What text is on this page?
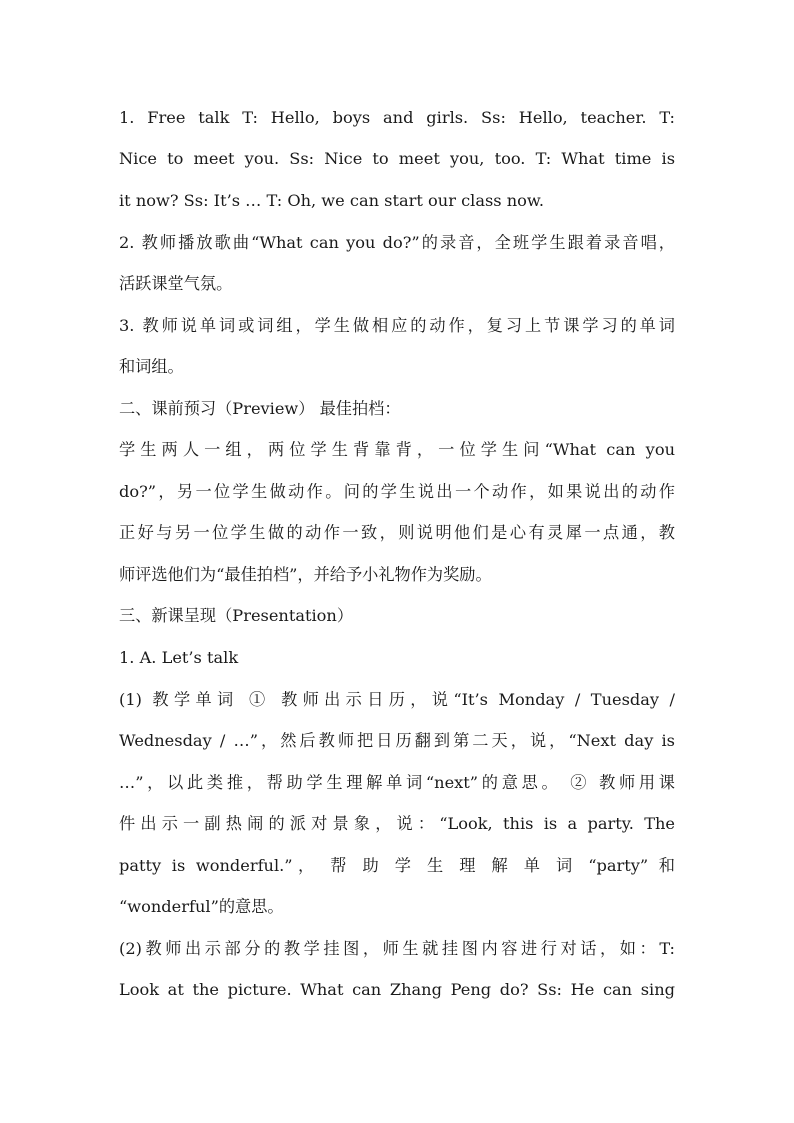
1. Free talk T: Hello, boys and girls. Ss: Hello, teacher. T:
Nice to meet you. Ss: Nice to meet you, too. T: What time is
it now? Ss: It’s … T: Oh, we can start our class now.
2. 教师播放歌曲“What can you do?”的录音，全班学生跟着录音唱，
活跃课堂气氛。
3. 教师说单词或词组，学生做相应的动作，复习上节课学习的单词
和词组。
二、课前预习（Preview） 最佳拍档：
学生两人一组，两位学生背靠背，一位学生问“What can you
do?”，另一位学生做动作。问的学生说出一个动作，如果说出的动作
正好与另一位学生做的动作一致，则说明他们是心有灵犀一点通，教
师评选他们为“最佳拍档”，并给予小礼物作为奖励。
三、新课呈现（Presentation）
1. A. Let’s talk
(1) 教学单词 ① 教师出示日历，说“It’s Monday / Tuesday /
Wednesday / …”，然后教师把日历翻到第二天，说，“Next day is
…”，以此类推，帮助学生理解单词“next”的意思。 ② 教师用课
件出示一副热闹的派对景象，说：“Look, this is a party. The
patty is wonderful.”， 帮 助 学 生 理 解 单 词 “party” 和
“wonderful”的意思。
(2)教师出示部分的教学挂图，师生就挂图内容进行对话，如：T:
Look at the picture. What can Zhang Peng do? Ss: He can sing
